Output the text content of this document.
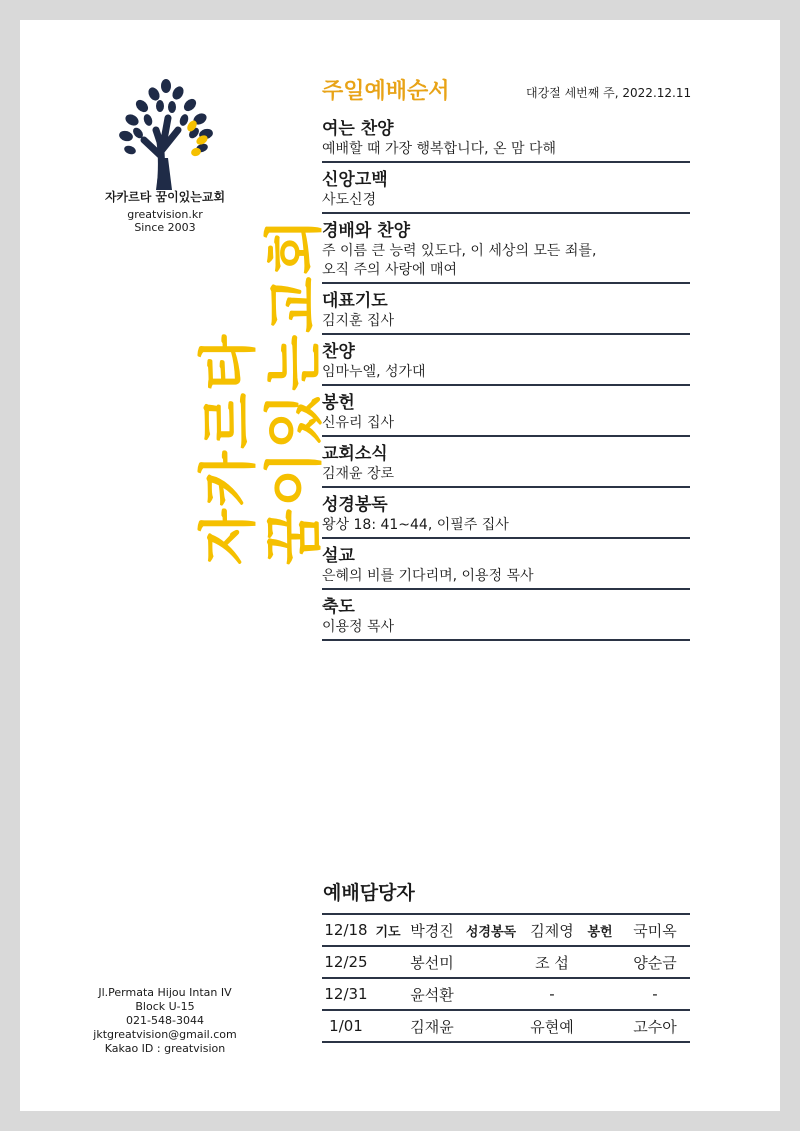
자카르타 꿈이있는교회
greatvision.kr
Since 2003
자카르타
꿈이있는교회
Jl.Permata Hijou Intan IV
Block U-15
021-548-3044
jktgreatvision@gmail.com
Kakao ID : greatvision
주일예배순서	대강절 세번째 주, 2022.12.11
여는 찬양
예배할 때 가장 행복합니다, 온 맘 다해
신앙고백
사도신경
경배와 찬양
주 이름 큰 능력 있도다, 이 세상의 모든 죄를,
오직 주의 사랑에 매여
대표기도
김지훈 집사
찬양
임마누엘, 성가대
봉헌
신유리 집사
교회소식
김재윤 장로
성경봉독
왕상 18: 41~44, 이필주 집사
설교
은혜의 비를 기다리며, 이용정 목사
축도
이용정 목사
예배담당자
12/18	기도	박경진	성경봉독	김제영	봉헌	국미옥
12/25		봉선미		조 섭		양순금
12/31		윤석환		-		-
1/01		김재윤		유현예		고수아
